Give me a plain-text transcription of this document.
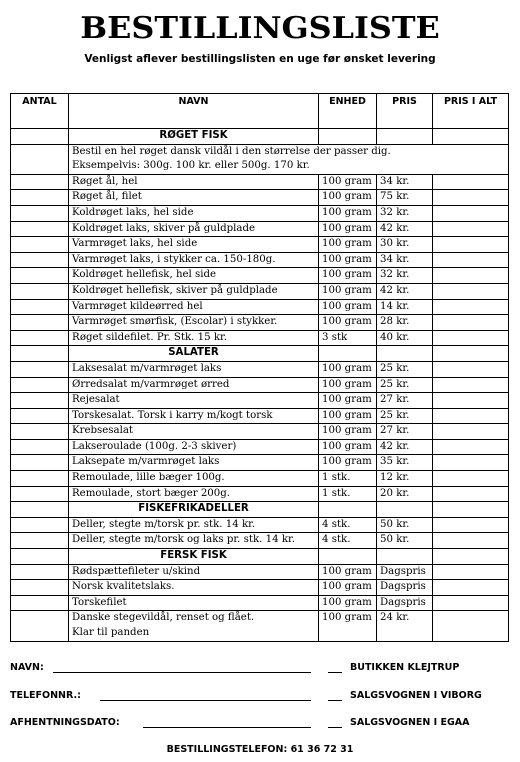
BESTILLINGSLISTE
Venligst aflever bestillingslisten en uge før ønsket levering
ANTAL	NAVN	ENHED	PRIS	PRIS I ALT
	RØGET FISK			

	Bestil en hel røget dansk vildål i den størrelse der passer dig.
Eksempelvis: 300g. 100 kr. eller 500g. 170 kr.			

	Røget ål, hel	100 gram	34 kr.	

	Røget ål, filet	100 gram	75 kr.	

	Koldrøget laks, hel side	100 gram	32 kr.	

	Koldrøget laks, skiver på guldplade	100 gram	42 kr.	

	Varmrøget laks, hel side	100 gram	30 kr.	

	Varmrøget laks, i stykker ca. 150-180g.	100 gram	34 kr.	

	Koldrøget hellefisk, hel side	100 gram	32 kr.	

	Koldrøget hellefisk, skiver på guldplade	100 gram	42 kr.	

	Varmrøget kildeørred hel	100 gram	14 kr.	

	Varmrøget smørfisk, (Escolar) i stykker.	100 gram	28 kr.	

	Røget sildefilet. Pr. Stk. 15 kr.	3 stk	40 kr.	
	SALATER			

	Laksesalat m/varmrøget laks	100 gram	25 kr.	

	Ørredsalat m/varmrøget ørred	100 gram	25 kr.	

	Rejesalat	100 gram	27 kr.	

	Torskesalat. Torsk i karry m/kogt torsk	100 gram	25 kr.	

	Krebsesalat	100 gram	27 kr.	

	Lakseroulade (100g. 2-3 skiver)	100 gram	42 kr.	

	Laksepate m/varmrøget laks	100 gram	35 kr.	

	Remoulade, lille bæger 100g.	1 stk.	12 kr.	

	Remoulade, stort bæger 200g.	1 stk.	20 kr.	
	FISKEFRIKADELLER			

	Deller, stegte m/torsk pr. stk. 14 kr.	4 stk.	50 kr.	

	Deller, stegte m/torsk og laks pr. stk. 14 kr.	4 stk.	50 kr.	
	FERSK FISK			

	Rødspættefileter u/skind	100 gram	Dagspris	

	Norsk kvalitetslaks.	100 gram	Dagspris	

	Torskefilet	100 gram	Dagspris	

	Danske stegevildål, renset og flået.
Klar til panden	100 gram	24 kr.	
NAVN:	BUTIKKEN KLEJTRUP
TELEFONNR.:	SALGSVOGNEN I VIBORG
AFHENTNINGSDATO:	SALGSVOGNEN I EGAA
BESTILLINGSTELEFON: 61 36 72 31
